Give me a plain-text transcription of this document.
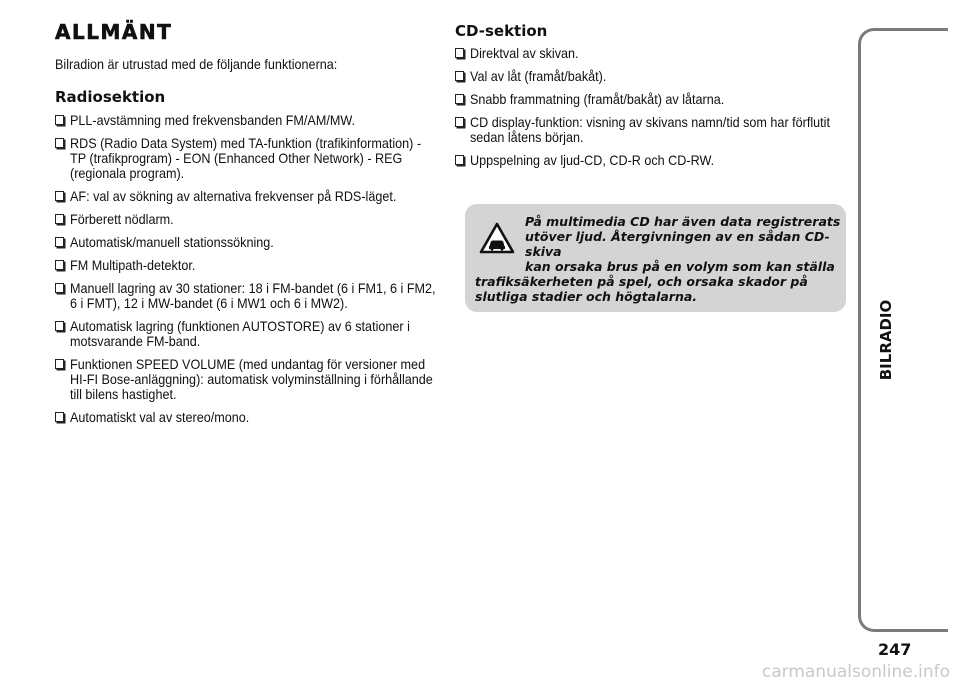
ALLMÄNT

Bilradion är utrustad med de följande funktionerna:

Radiosektion
PLL-avstämning med frekvensbanden FM/AM/MW.
RDS (Radio Data System) med TA-funktion (trafikinformation) - TP (trafikprogram) - EON (Enhanced Other Network) - REG (regionala program).
AF: val av sökning av alternativa frekvenser på RDS-läget.
Förberett nödlarm.
Automatisk/manuell stationssökning.
FM Multipath-detektor.
Manuell lagring av 30 stationer: 18 i FM-bandet (6 i FM1, 6 i FM2, 6 i FMT), 12 i MW-bandet (6 i MW1 och 6 i MW2).
Automatisk lagring (funktionen AUTOSTORE) av 6 stationer i motsvarande FM-band.
Funktionen SPEED VOLUME (med undantag för versioner med HI-FI Bose-anläggning): automatisk volyminställning i förhållande till bilens hastighet.
Automatiskt val av stereo/mono.
CD-sektion
Direktval av skivan.
Val av låt (framåt/bakåt).
Snabb frammatning (framåt/bakåt) av låtarna.
CD display-funktion: visning av skivans namn/tid som har förflutit sedan låtens början.
Uppspelning av ljud-CD, CD-R och CD-RW.
På multimedia CD har även data registrerats
utöver ljud. Återgivningen av en sådan CD-skiva
kan orsaka brus på en volym som kan ställa
trafiksäkerheten på spel, och orsaka skador på slutliga stadier och högtalarna.
BILRADIO
247
carmanualsonline.info
